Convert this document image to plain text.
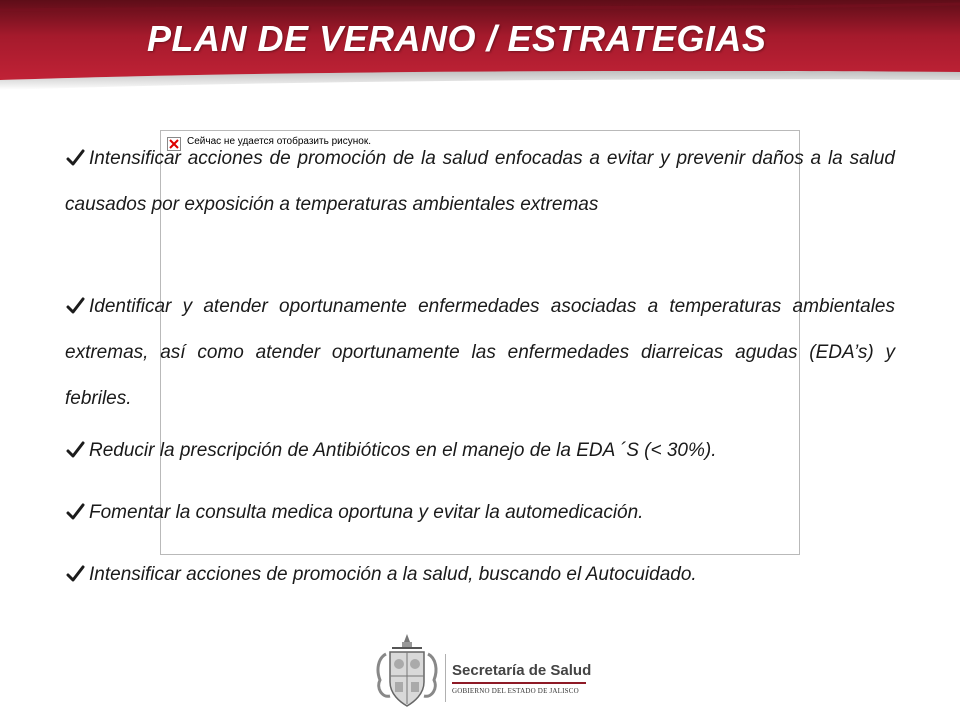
PLAN DE VERANO / ESTRATEGIAS
Сейчас не удается отобразить рисунок.
Intensificar acciones de promoción de la salud enfocadas a evitar y prevenir daños a la salud causados por exposición a temperaturas ambientales extremas
Identificar y atender oportunamente enfermedades asociadas a temperaturas ambientales extremas, así como atender oportunamente las enfermedades diarreicas agudas (EDA’s) y febriles.
Reducir la prescripción de Antibióticos en el manejo de la EDA ´S (< 30%).
Fomentar la consulta medica oportuna y evitar la automedicación.
Intensificar acciones de promoción a la salud, buscando el Autocuidado.
Secretaría de Salud
GOBIERNO DEL ESTADO DE JALISCO
